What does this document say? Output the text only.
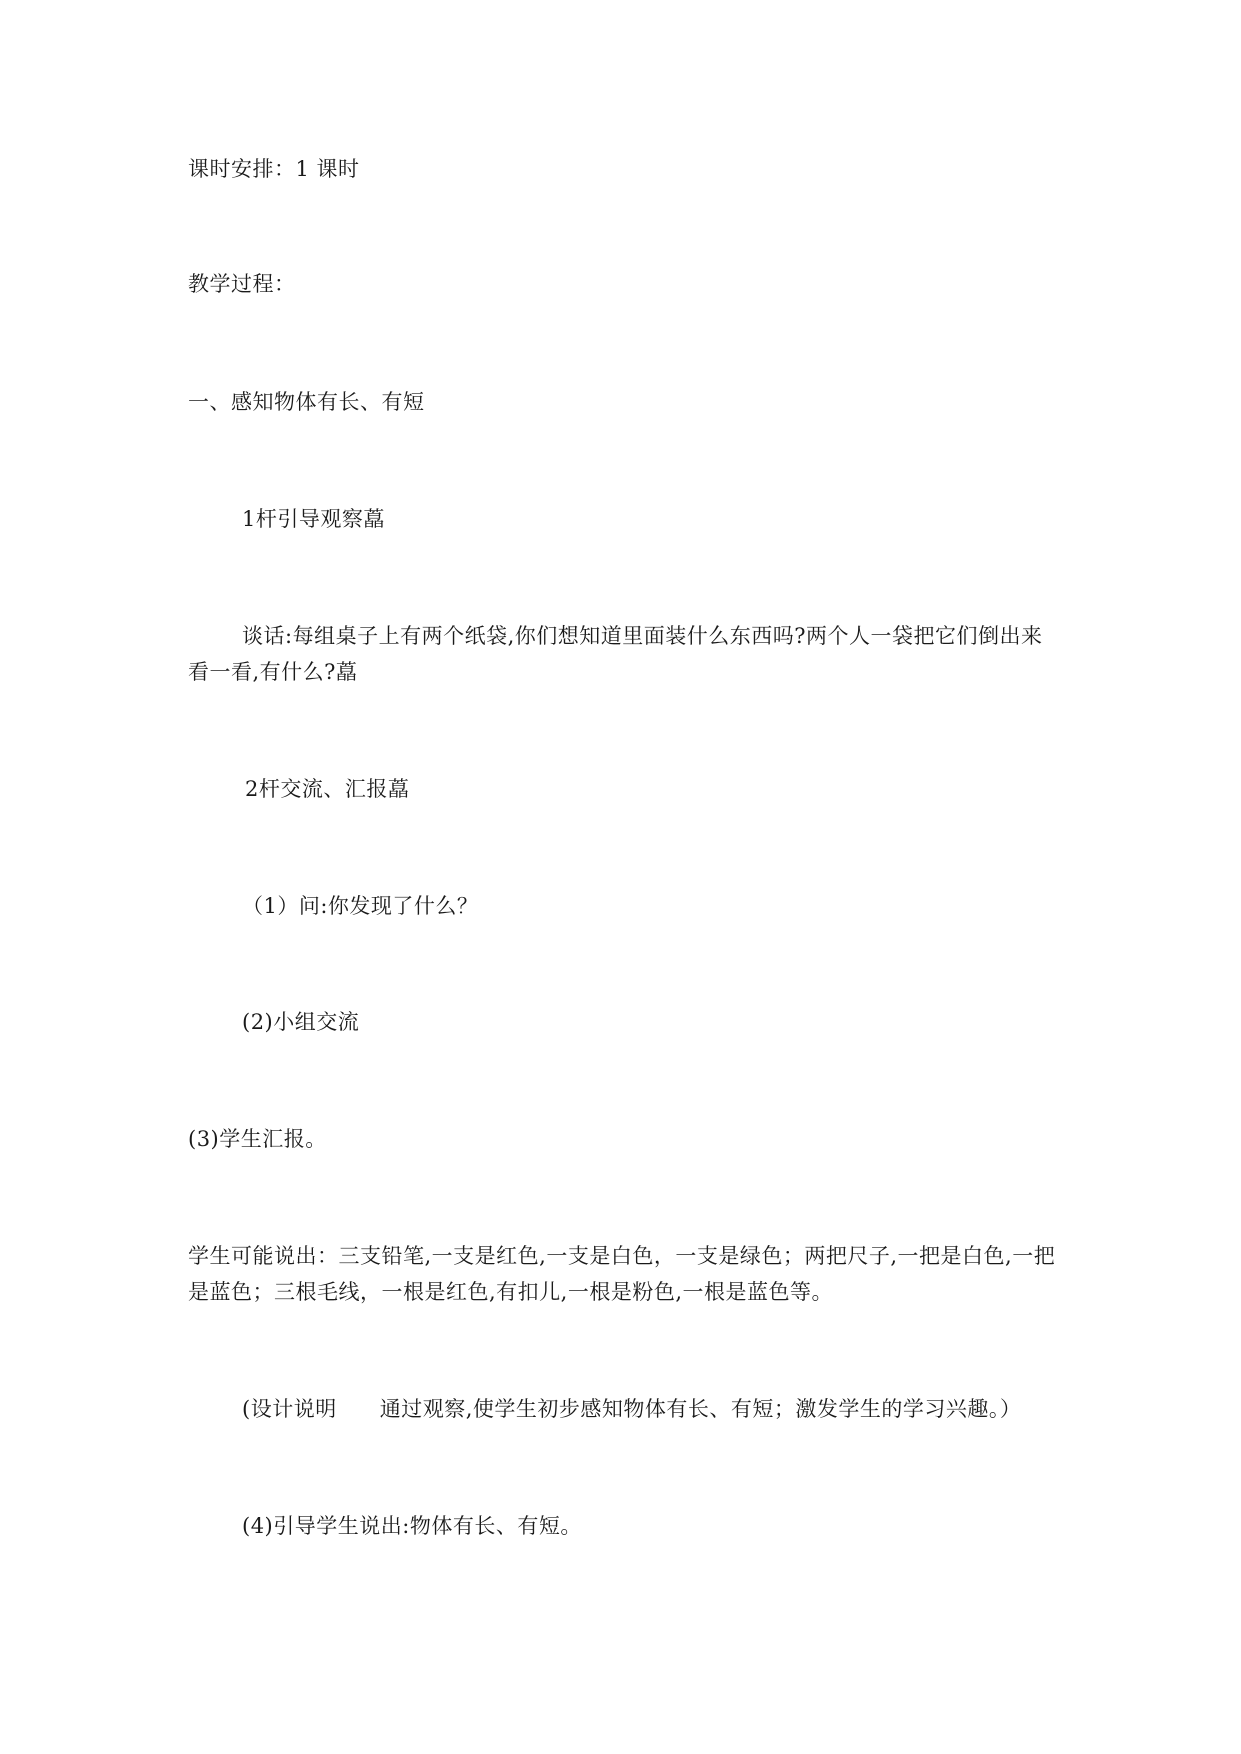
课时安排：1 课时
教学过程：
一、感知物体有长、有短
1杆引导观察藠
谈话:每组桌子上有两个纸袋,你们想知道里面装什么东西吗?两个人一袋把它们倒出来
看一看,有什么?藠
2杆交流、汇报藠
（1）问:你发现了什么？
(2)小组交流
(3)学生汇报。
学生可能说出：三支铅笔,一支是红色,一支是白色，一支是绿色；两把尺子,一把是白色,一把
是蓝色；三根毛线，一根是红色,有扣儿,一根是粉色,一根是蓝色等。
(设计说明　　通过观察,使学生初步感知物体有长、有短；激发学生的学习兴趣。）
(4)引导学生说出:物体有长、有短。
